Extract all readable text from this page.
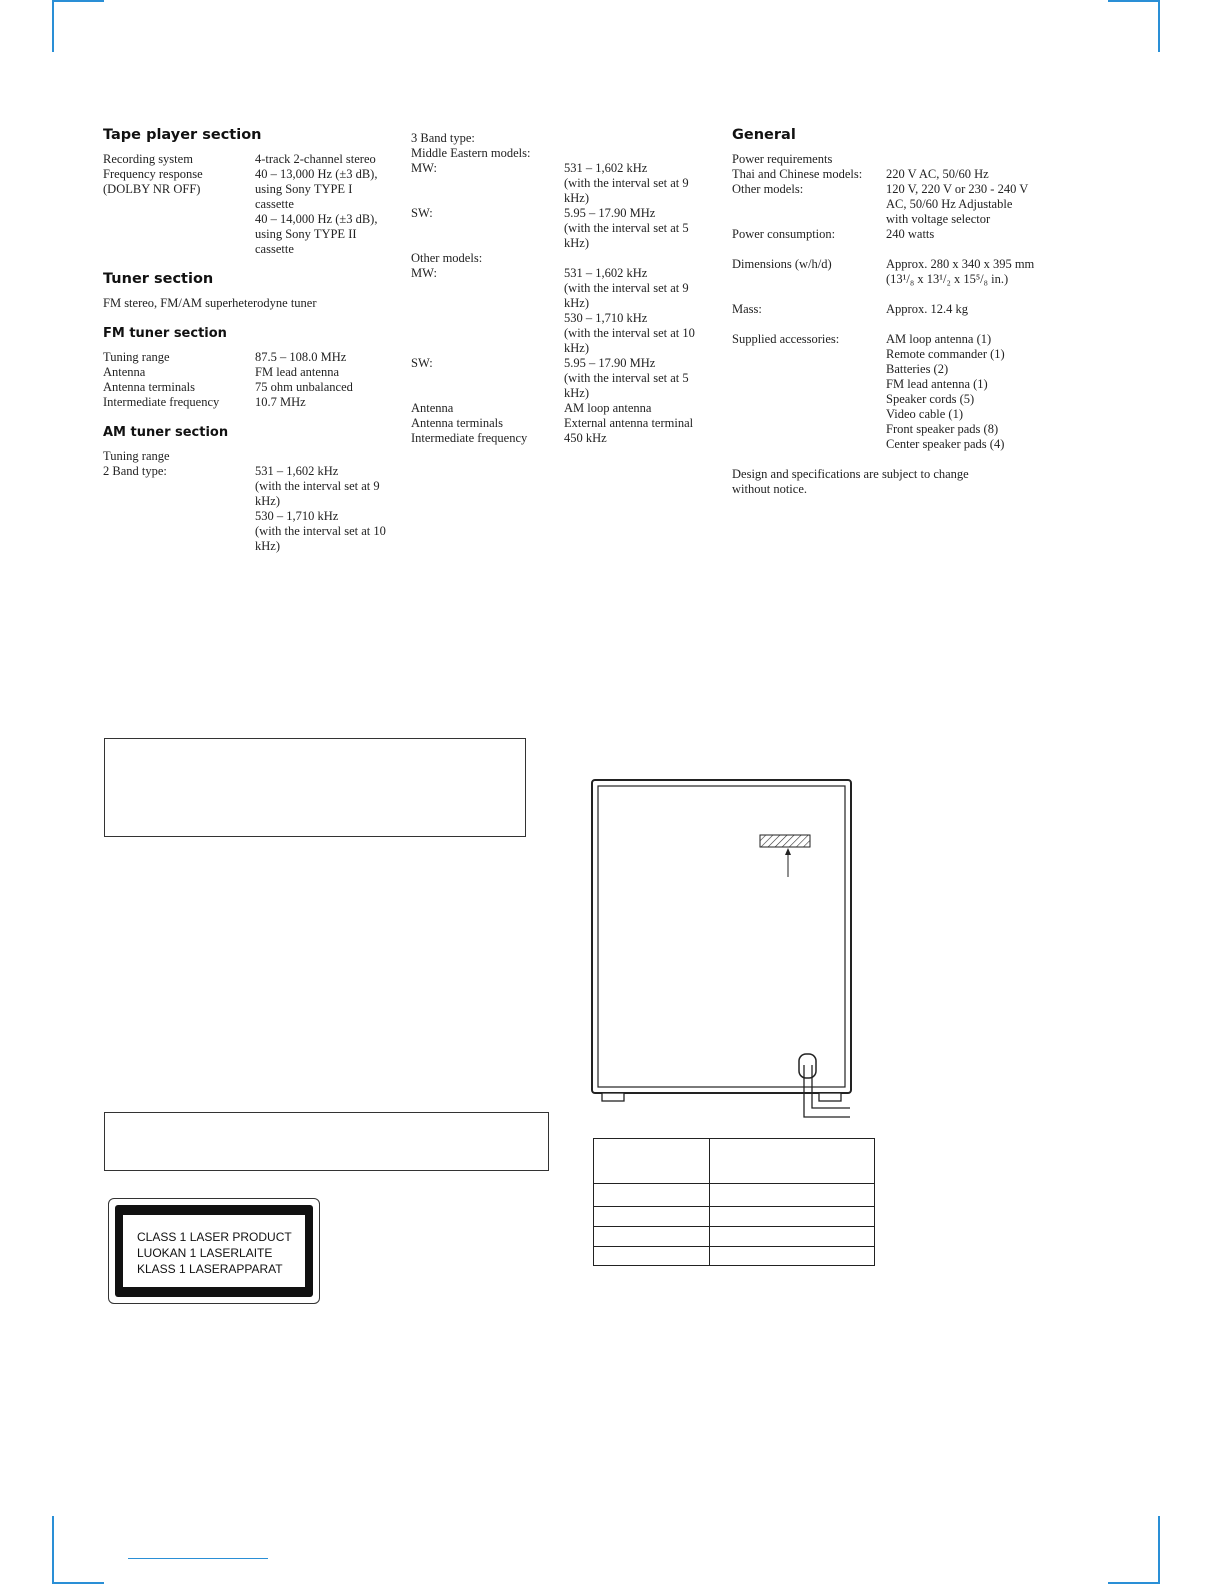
Tape player section
Recording system	4-track 2-channel stereo
Frequency response	40 – 13,000 Hz (±3 dB),
(DOLBY NR OFF)	using Sony TYPE I
cassette
40 – 14,000 Hz (±3 dB),
using Sony TYPE II
cassette
Tuner section

FM stereo, FM/AM superheterodyne tuner

FM tuner section
Tuning range	87.5 – 108.0 MHz
Antenna	FM lead antenna
Antenna terminals	75 ohm unbalanced
Intermediate frequency	10.7 MHz
AM tuner section
Tuning range
2 Band type:	531 – 1,602 kHz
(with the interval set at 9
kHz)
530 – 1,710 kHz
(with the interval set at 10
kHz)
3 Band type:
Middle Eastern models:
MW:	531 – 1,602 kHz
(with the interval set at 9
kHz)
SW:	5.95 – 17.90 MHz
(with the interval set at 5
kHz)
Other models:
MW:	531 – 1,602 kHz
(with the interval set at 9
kHz)
530 – 1,710 kHz
(with the interval set at 10
kHz)
SW:	5.95 – 17.90 MHz
(with the interval set at 5
kHz)
Antenna	AM loop antenna
Antenna terminals	External antenna terminal
Intermediate frequency	450 kHz
General
Power requirements
Thai and Chinese models:	220 V AC, 50/60 Hz
Other models:	120 V, 220 V or 230 - 240 V
AC, 50/60 Hz Adjustable
with voltage selector
Power consumption:	240 watts
Dimensions (w/h/d)	Approx. 280 x 340 x 395 mm
(13¹/₈ x 13¹/₂ x 15⁵/₈ in.)
Mass:	Approx. 12.4 kg
Supplied accessories:	AM loop antenna (1)
Remote commander (1)
Batteries (2)
FM lead antenna (1)
Speaker cords (5)
Video cable (1)
Front speaker pads (8)
Center speaker pads (4)
Design and specifications are subject to change
without notice.
CLASS 1 LASER PRODUCT
LUOKAN 1 LASERLAITE
KLASS 1 LASERAPPARAT
